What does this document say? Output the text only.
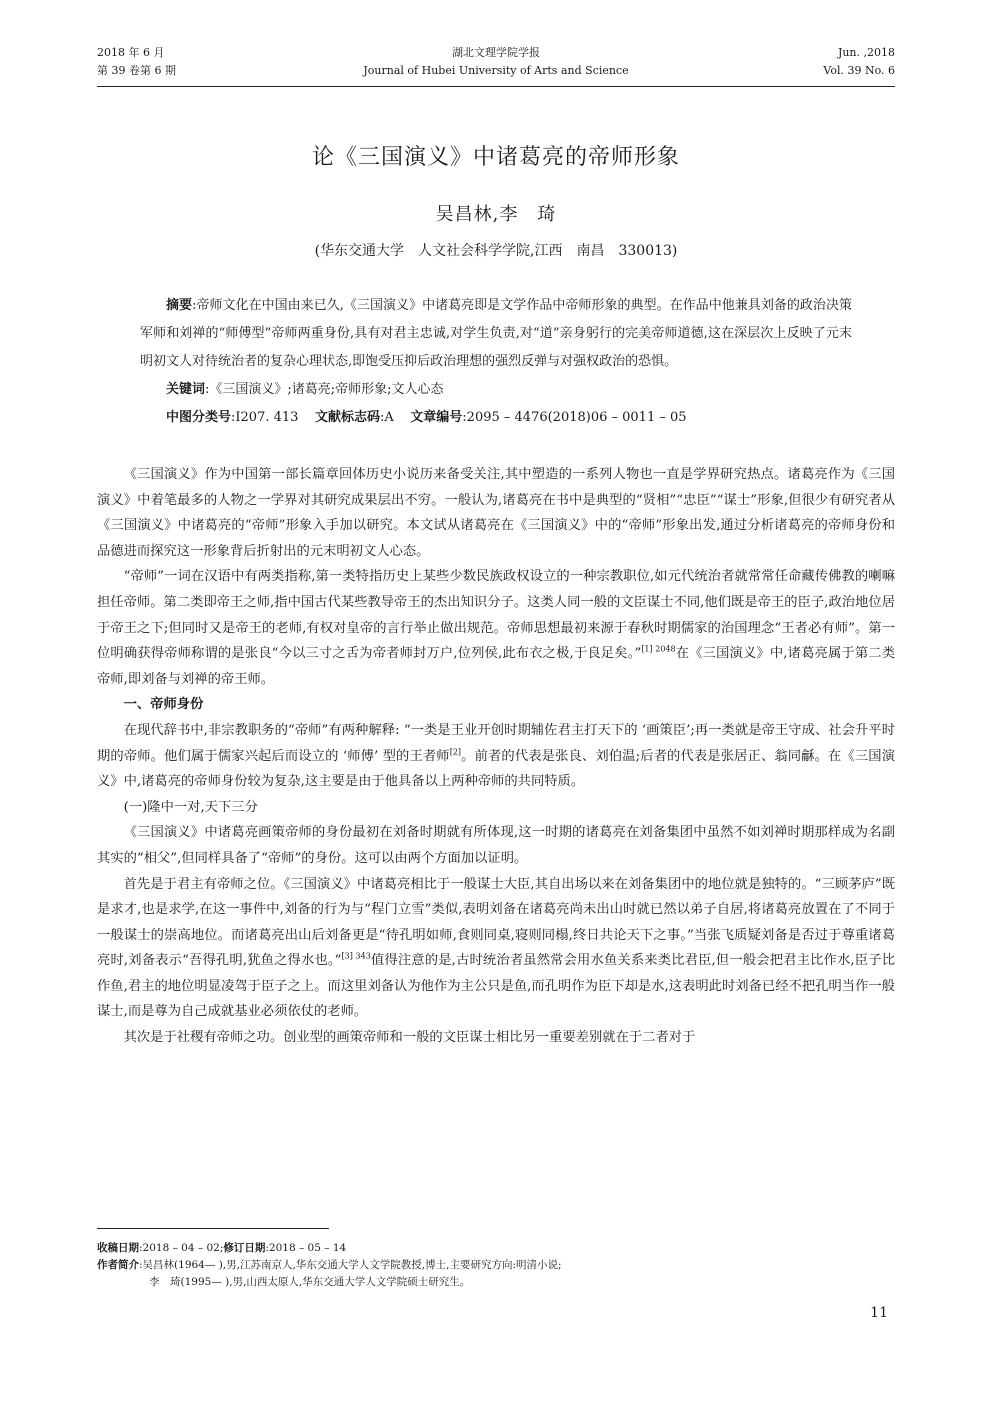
2018 年 6 月
第 39 卷第 6 期
湖北文理学院学报
Journal of Hubei University of Arts and Science
Jun. ,2018
Vol. 39 No. 6
论《三国演义》中诸葛亮的帝师形象
吴昌林,李　琦
(华东交通大学　人文社会科学学院,江西　南昌　330013)

摘要:帝师文化在中国由来已久,《三国演义》中诸葛亮即是文学作品中帝师形象的典型。在作品中他兼具刘备的政治决策军师和刘禅的“师傅型”帝师两重身份,具有对君主忠诚,对学生负责,对“道”亲身躬行的完美帝师道德,这在深层次上反映了元末明初文人对待统治者的复杂心理状态,即饱受压抑后政治理想的强烈反弹与对强权政治的恐惧。

关键词:《三国演义》;诸葛亮;帝师形象;文人心态

中图分类号:I207. 413 文献标志码:A 文章编号:2095 – 4476(2018)06 – 0011 – 05

《三国演义》作为中国第一部长篇章回体历史小说历来备受关注,其中塑造的一系列人物也一直是学界研究热点。诸葛亮作为《三国演义》中着笔最多的人物之一学界对其研究成果层出不穷。一般认为,诸葛亮在书中是典型的“贤相”“忠臣”“谋士”形象,但很少有研究者从《三国演义》中诸葛亮的“帝师”形象入手加以研究。本文试从诸葛亮在《三国演义》中的“帝师”形象出发,通过分析诸葛亮的帝师身份和品德进而探究这一形象背后折射出的元末明初文人心态。

“帝师”一词在汉语中有两类指称,第一类特指历史上某些少数民族政权设立的一种宗教职位,如元代统治者就常常任命藏传佛教的喇嘛担任帝师。第二类即帝王之师,指中国古代某些教导帝王的杰出知识分子。这类人同一般的文臣谋士不同,他们既是帝王的臣子,政治地位居于帝王之下;但同时又是帝王的老师,有权对皇帝的言行举止做出规范。帝师思想最初来源于春秋时期儒家的治国理念“王者必有师”。第一位明确获得帝师称谓的是张良“今以三寸之舌为帝者师封万户,位列侯,此布衣之极,于良足矣。”$^{[1] 2048}$在《三国演义》中,诸葛亮属于第二类帝师,即刘备与刘禅的帝王师。

一、帝师身份

在现代辞书中,非宗教职务的“帝师”有两种解释: “一类是王业开创时期辅佐君主打天下的 ‘画策臣’;再一类就是帝王守成、社会升平时期的帝师。他们属于儒家兴起后而设立的 ‘师傅’ 型的王者师[2]。前者的代表是张良、刘伯温;后者的代表是张居正、翁同龢。在《三国演义》中,诸葛亮的帝师身份较为复杂,这主要是由于他具备以上两种帝师的共同特质。

(一)隆中一对,天下三分

《三国演义》中诸葛亮画策帝师的身份最初在刘备时期就有所体现,这一时期的诸葛亮在刘备集团中虽然不如刘禅时期那样成为名副其实的“相父”,但同样具备了“帝师”的身份。这可以由两个方面加以证明。

首先是于君主有帝师之位。《三国演义》中诸葛亮相比于一般谋士大臣,其自出场以来在刘备集团中的地位就是独特的。“三顾茅庐”既是求才,也是求学,在这一事件中,刘备的行为与“程门立雪”类似,表明刘备在诸葛亮尚未出山时就已然以弟子自居,将诸葛亮放置在了不同于一般谋士的崇高地位。而诸葛亮出山后刘备更是“待孔明如师,食则同桌,寝则同榻,终日共论天下之事。”当张飞质疑刘备是否过于尊重诸葛亮时,刘备表示“吾得孔明,犹鱼之得水也。”$^{[3] 343}$值得注意的是,古时统治者虽然常会用水鱼关系来类比君臣,但一般会把君主比作水,臣子比作鱼,君主的地位明显凌驾于臣子之上。而这里刘备认为他作为主公只是鱼,而孔明作为臣下却是水,这表明此时刘备已经不把孔明当作一般谋士,而是尊为自己成就基业必须依仗的老师。

其次是于社稷有帝师之功。创业型的画策帝师和一般的文臣谋士相比另一重要差别就在于二者对于

收稿日期:2018 – 04 – 02;修订日期:2018 – 05 – 14
作者简介:吴昌林(1964— ),男,江苏南京人,华东交通大学人文学院教授,博士,主要研究方向:明清小说;
李　琦(1995— ),男,山西太原人,华东交通大学人文学院硕士研究生。
11
